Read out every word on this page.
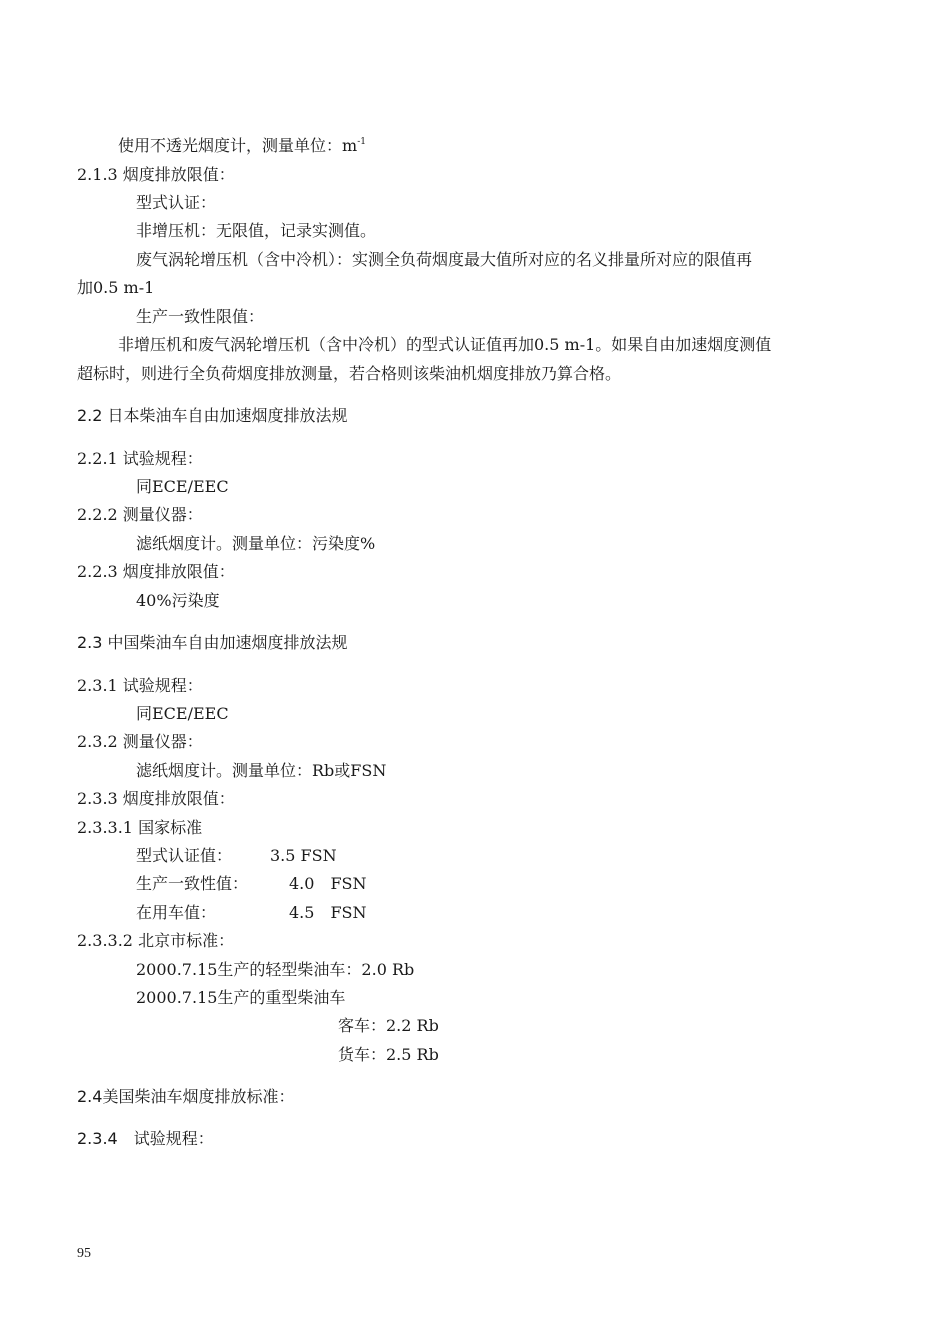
使用不透光烟度计，测量单位：$m^{-1}$
2.1.3 烟度排放限值：
型式认证：
非增压机：无限值，记录实测值。
废气涡轮增压机（含中冷机）：实测全负荷烟度最大值所对应的名义排量所对应的限值再
加0.5 m-1
生产一致性限值：
非增压机和废气涡轮增压机（含中冷机）的型式认证值再加0.5 m-1。如果自由加速烟度测值
超标时，则进行全负荷烟度排放测量，若合格则该柴油机烟度排放乃算合格。
2.2 日本柴油车自由加速烟度排放法规
2.2.1 试验规程：
同ECE/EEC
2.2.2 测量仪器：
滤纸烟度计。测量单位：污染度%
2.2.3 烟度排放限值：
40%污染度
2.3 中国柴油车自由加速烟度排放法规
2.3.1 试验规程：
同ECE/EEC
2.3.2 测量仪器：
滤纸烟度计。测量单位：Rb或FSN
2.3.3 烟度排放限值：
2.3.3.1 国家标准
型式认证值： 3.5 FSN
生产一致性值：	4.0　FSN
在用车值：	4.5　FSN
2.3.3.2 北京市标准：
2000.7.15生产的轻型柴油车：2.0 Rb
2000.7.15生产的重型柴油车
客车：2.2 Rb
货车：2.5 Rb
2.4美国柴油车烟度排放标准：
2.3.4　试验规程：
95
